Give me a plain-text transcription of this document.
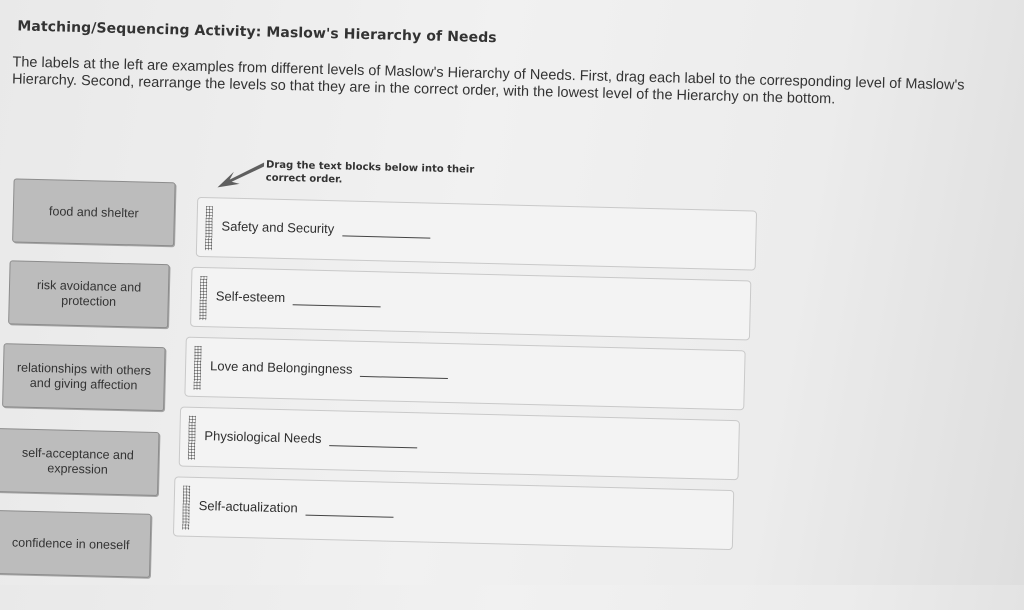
Matching/Sequencing Activity: Maslow's Hierarchy of Needs
The labels at the left are examples from different levels of Maslow's Hierarchy of Needs. First, drag each label to the corresponding level of Maslow's Hierarchy. Second, rearrange the levels so that they are in the correct order, with the lowest level of the Hierarchy on the bottom.
Drag the text blocks below into their correct order.
food and shelter
risk avoidance and protection
relationships with others and giving affection
self-acceptance and expression
confidence in oneself
Safety and Security
Self-esteem
Love and Belongingness
Physiological Needs
Self-actualization
